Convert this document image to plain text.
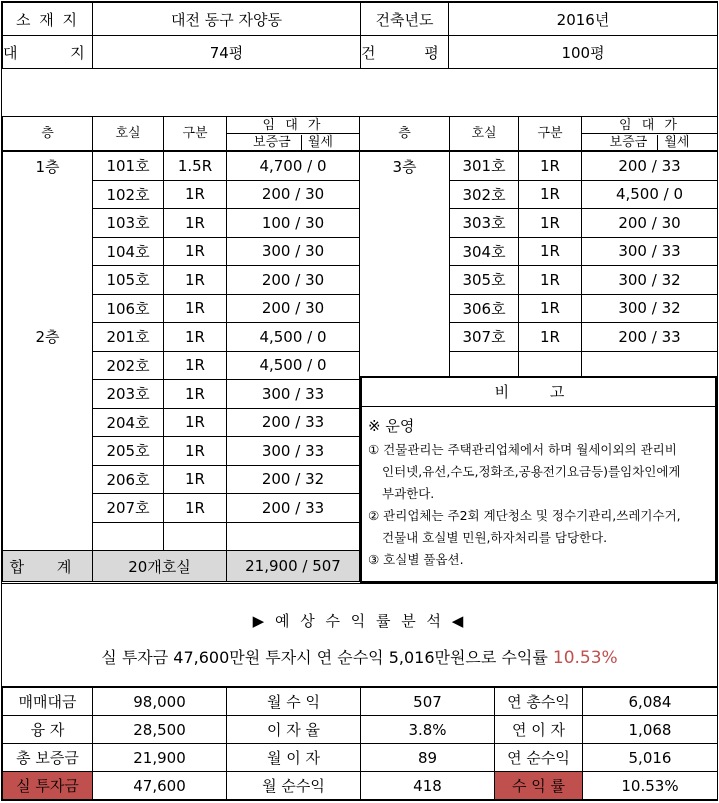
소 재 지	대전 동구 자양동	건축년도	2016년
대 지	74평	건 평	100평
층	호실	구분	임 대 가
			보증금 월세
1층	101호	1.5R	4,700 / 0
	102호	1R	200 / 30
	103호	1R	100 / 30
	104호	1R	300 / 30
	105호	1R	200 / 30
	106호	1R	200 / 30
2층	201호	1R	4,500 / 0
	202호	1R	4,500 / 0
	203호	1R	300 / 33
	204호	1R	200 / 33
	205호	1R	300 / 33
	206호	1R	200 / 32
	207호	1R	200 / 33

합 계	20개호실		21,900 / 507
층	호실	구분	임 대 가
			보증금 월세
3층	301호	1R	200 / 33
	302호	1R	4,500 / 0
	303호	1R	200 / 30
	304호	1R	300 / 33
	305호	1R	300 / 32
	306호	1R	300 / 32
	307호	1R	200 / 33

비 고
※ 운영
① 건물관리는 주택관리업체에서 하며 월세이외의 관리비
인터넷,유선,수도,정화조,공용전기요금등)를임차인에게
부과한다.
② 관리업체는 주2회 계단청소 및 정수기관리,쓰레기수거,
건물내 호실별 민원,하자처리를 담당한다.
③ 호실별 풀옵션.
▶ 예 상 수 익 률 분 석 ◀
실 투자금 47,600만원 투자시 연 순수익 5,016만원으로 수익률 10.53%
매매대금	98,000	월 수 익	507	연 총수익	6,084
융 자	28,500	이 자 율	3.8%	연 이 자	1,068
총 보증금	21,900	월 이 자	89	연 순수익	5,016
실 투자금	47,600	월 순수익	418	수 익 률	10.53%
